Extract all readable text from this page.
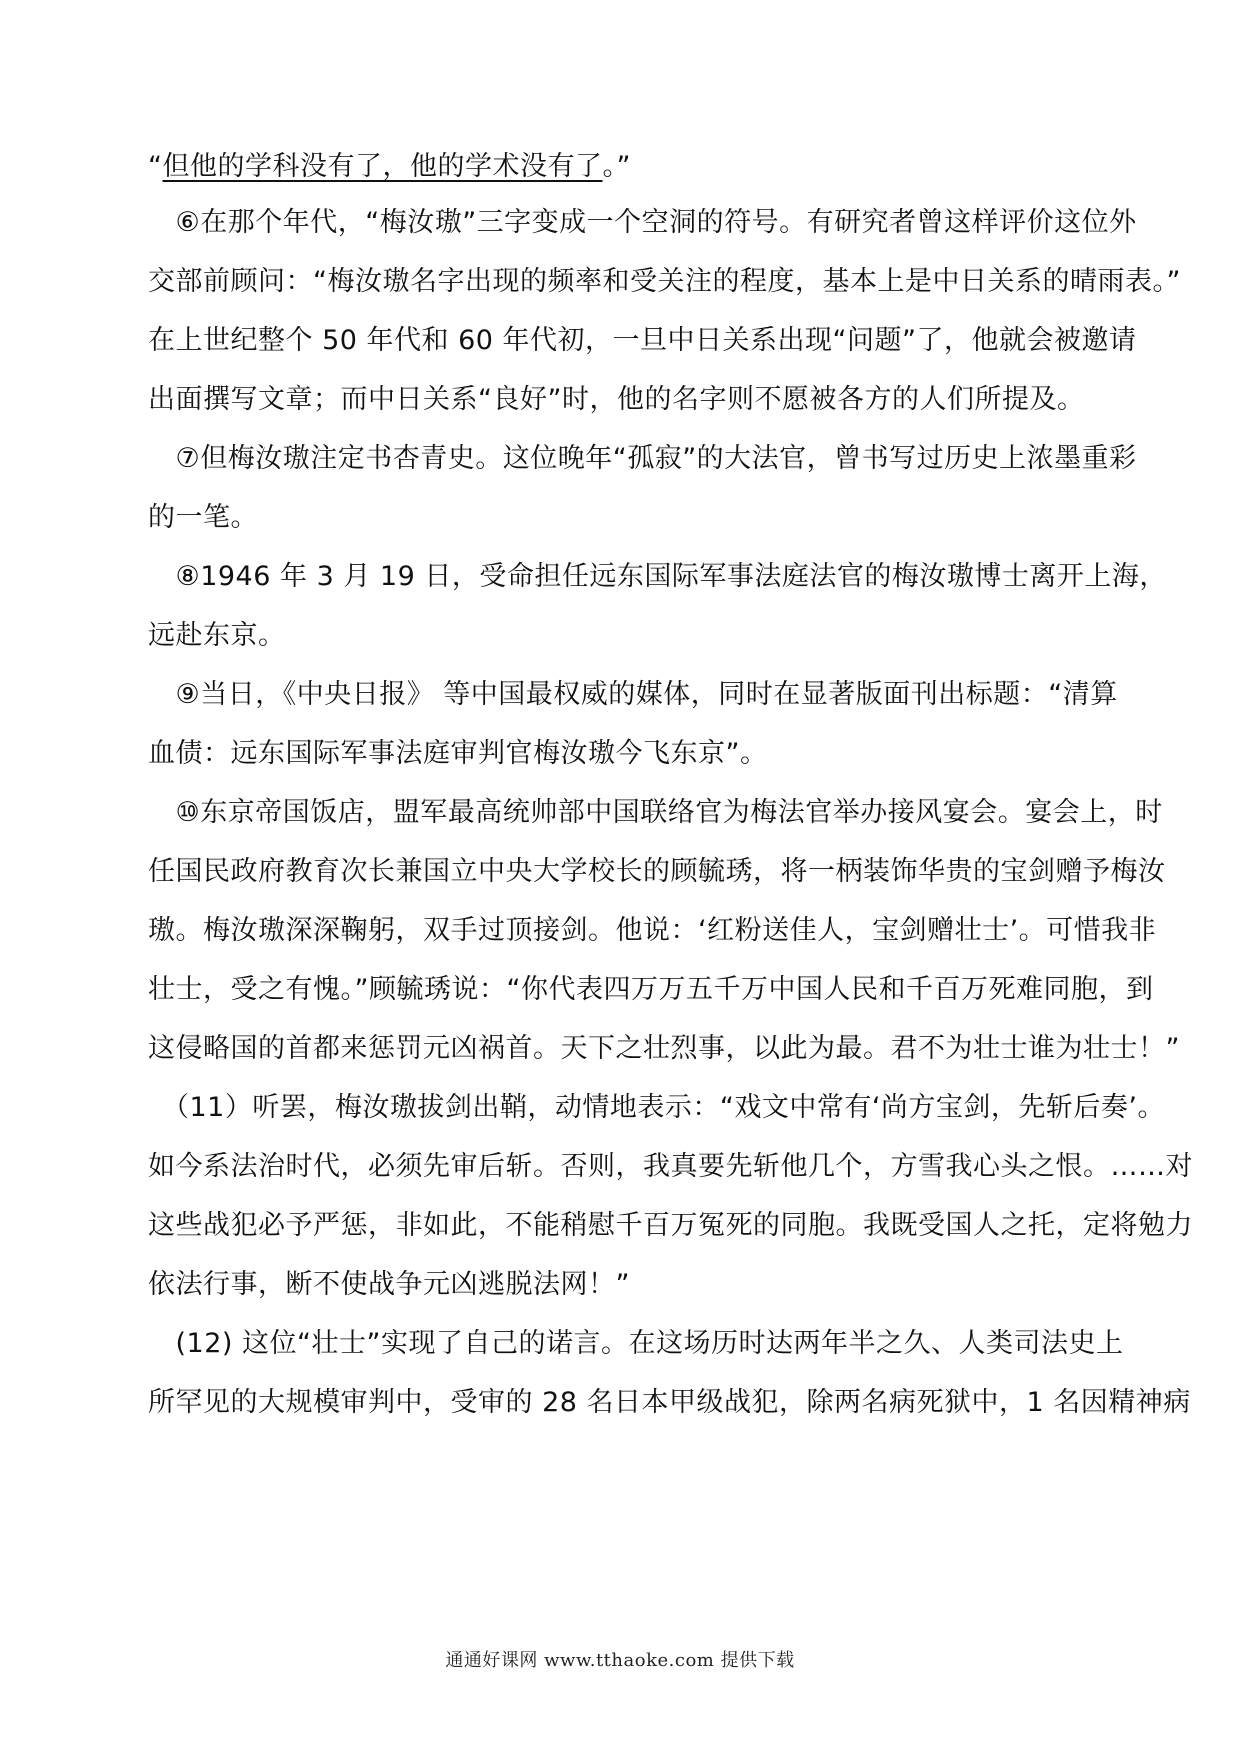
“但他的学科没有了，他的学术没有了。”
　⑥在那个年代，“梅汝璈”三字变成一个空洞的符号。有研究者曾这样评价这位外
交部前顾问：“梅汝璈名字出现的频率和受关注的程度，基本上是中日关系的晴雨表。”
在上世纪整个 50 年代和 60 年代初，一旦中日关系出现“问题”了，他就会被邀请
出面撰写文章；而中日关系“良好”时，他的名字则不愿被各方的人们所提及。
　⑦但梅汝璈注定书杏青史。这位晚年“孤寂”的大法官，曾书写过历史上浓墨重彩
的一笔。
　⑧1946 年 3 月 19 日，受命担任远东国际军事法庭法官的梅汝璈博士离开上海，
远赴东京。
　⑨当日，《中央日报》 等中国最权威的媒体，同时在显著版面刊出标题：“清算
血债：远东国际军事法庭审判官梅汝璈今飞东京”。
　⑩东京帝国饭店，盟军最高统帅部中国联络官为梅法官举办接风宴会。宴会上，时
任国民政府教育次长兼国立中央大学校长的顾毓琇，将一柄装饰华贵的宝剑赠予梅汝
璈。梅汝璈深深鞠躬，双手过顶接剑。他说：‘红粉送佳人，宝剑赠壮士’。可惜我非
壮士，受之有愧。”顾毓琇说：“你代表四万万五千万中国人民和千百万死难同胞，到
这侵略国的首都来惩罚元凶祸首。天下之壮烈事，以此为最。君不为壮士谁为壮士！”
　（11）听罢，梅汝璈拔剑出鞘，动情地表示：“戏文中常有‘尚方宝剑，先斩后奏’。
如今系法治时代，必须先审后斩。否则，我真要先斩他几个，方雪我心头之恨。……对
这些战犯必予严惩，非如此，不能稍慰千百万冤死的同胞。我既受国人之托，定将勉力
依法行事，断不使战争元凶逃脱法网！”
　(12) 这位“壮士”实现了自己的诺言。在这场历时达两年半之久、人类司法史上
所罕见的大规模审判中，受审的 28 名日本甲级战犯，除两名病死狱中，1 名因精神病
通通好课网 www.tthaoke.com 提供下载
